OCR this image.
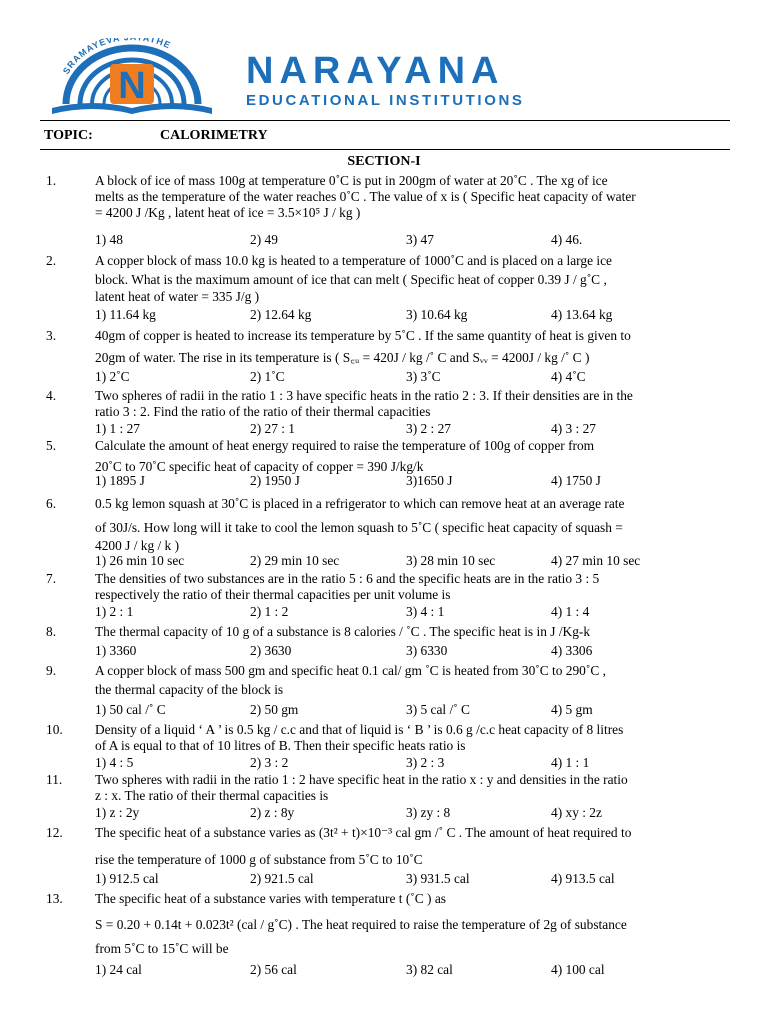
N
SRAMAYEVA ATHE
NARAYANA
EDUCATIONAL INSTITUTIONS
TOPIC:	CALORIMETRY
SECTION-I
1.	A block of ice of mass 100g at temperature 0˚C is put in 200gm of water at 20˚C . The xg of ice

melts as the temperature of the water reaches 0˚C . The value of x is ( Specific heat capacity of water

= 4200 J /Kg , latent heat of ice = 3.5×10⁵ J / kg )

1) 48	2) 49	3) 47	4) 46.
2.	A copper block of mass 10.0 kg is heated to a temperature of 1000˚C and is placed on a large ice

block. What is the maximum amount of ice that can melt ( Specific heat of copper 0.39 J / g˚C ,

latent heat of water = 335 J/g )

1) 11.64 kg	2) 12.64 kg	3) 10.64 kg	4) 13.64 kg
3.	40gm of copper is heated to increase its temperature by 5˚C . If the same quantity of heat is given to

20gm of water. The rise in its temperature is ( S꜀ᵤ = 420J / kg /˚ C and Sᵥᵥ = 4200J / kg /˚ C )

1) 2˚C	2) 1˚C	3) 3˚C	4) 4˚C
4.	Two spheres of radii in the ratio 1 : 3 have specific heats in the ratio 2 : 3. If their densities are in the

ratio 3 : 2. Find the ratio of the ratio of their thermal capacities

1) 1 : 27	2) 27 : 1	3) 2 : 27	4) 3 : 27
5.	Calculate the amount of heat energy required to raise the temperature of 100g of copper from

20˚C to 70˚C specific heat of capacity of copper = 390 J/kg/k

1) 1895 J	2) 1950 J	3)1650 J	4) 1750 J
6.	0.5 kg lemon squash at 30˚C is placed in a refrigerator to which can remove heat at an average rate

of 30J/s. How long will it take to cool the lemon squash to 5˚C ( specific heat capacity of squash =

4200 J / kg / k )

1) 26 min 10 sec	2) 29 min 10 sec	3) 28 min 10 sec	4) 27 min 10 sec
7.	The densities of two substances are in the ratio 5 : 6 and the specific heats are in the ratio 3 : 5

respectively the ratio of their thermal capacities per unit volume is

1) 2 : 1	2) 1 : 2	3) 4 : 1	4) 1 : 4
8.	The thermal capacity of 10 g of a substance is 8 calories / ˚C . The specific heat is in J /Kg-k

1) 3360	2) 3630	3) 6330	4) 3306
9.	A copper block of mass 500 gm and specific heat 0.1 cal/ gm ˚C is heated from 30˚C to 290˚C ,

the thermal capacity of the block is

1) 50 cal /˚ C	2) 50 gm	3) 5 cal /˚ C	4) 5 gm
10. Density of a liquid ‘ A ’ is 0.5 kg / c.c and that of liquid is ‘ B ’ is 0.6 g /c.c heat capacity of 8 litres

of A is equal to that of 10 litres of B. Then their specific heats ratio is

1) 4 : 5	2) 3 : 2	3) 2 : 3	4) 1 : 1
11. Two spheres with radii in the ratio 1 : 2 have specific heat in the ratio x : y and densities in the ratio

z : x. The ratio of their thermal capacities is

1) z : 2y	2) z : 8y	3) zy : 8	4) xy : 2z
12. The specific heat of a substance varies as (3t² + t)×10⁻³ cal gm /˚ C . The amount of heat required to

rise the temperature of 1000 g of substance from 5˚C to 10˚C

1) 912.5 cal	2) 921.5 cal	3) 931.5 cal	4) 913.5 cal
13. The specific heat of a substance varies with temperature t (˚C ) as

S = 0.20 + 0.14t + 0.023t² (cal / g˚C) . The heat required to raise the temperature of 2g of substance

from 5˚C to 15˚C will be

1) 24 cal	2) 56 cal	3) 82 cal	4) 100 cal
